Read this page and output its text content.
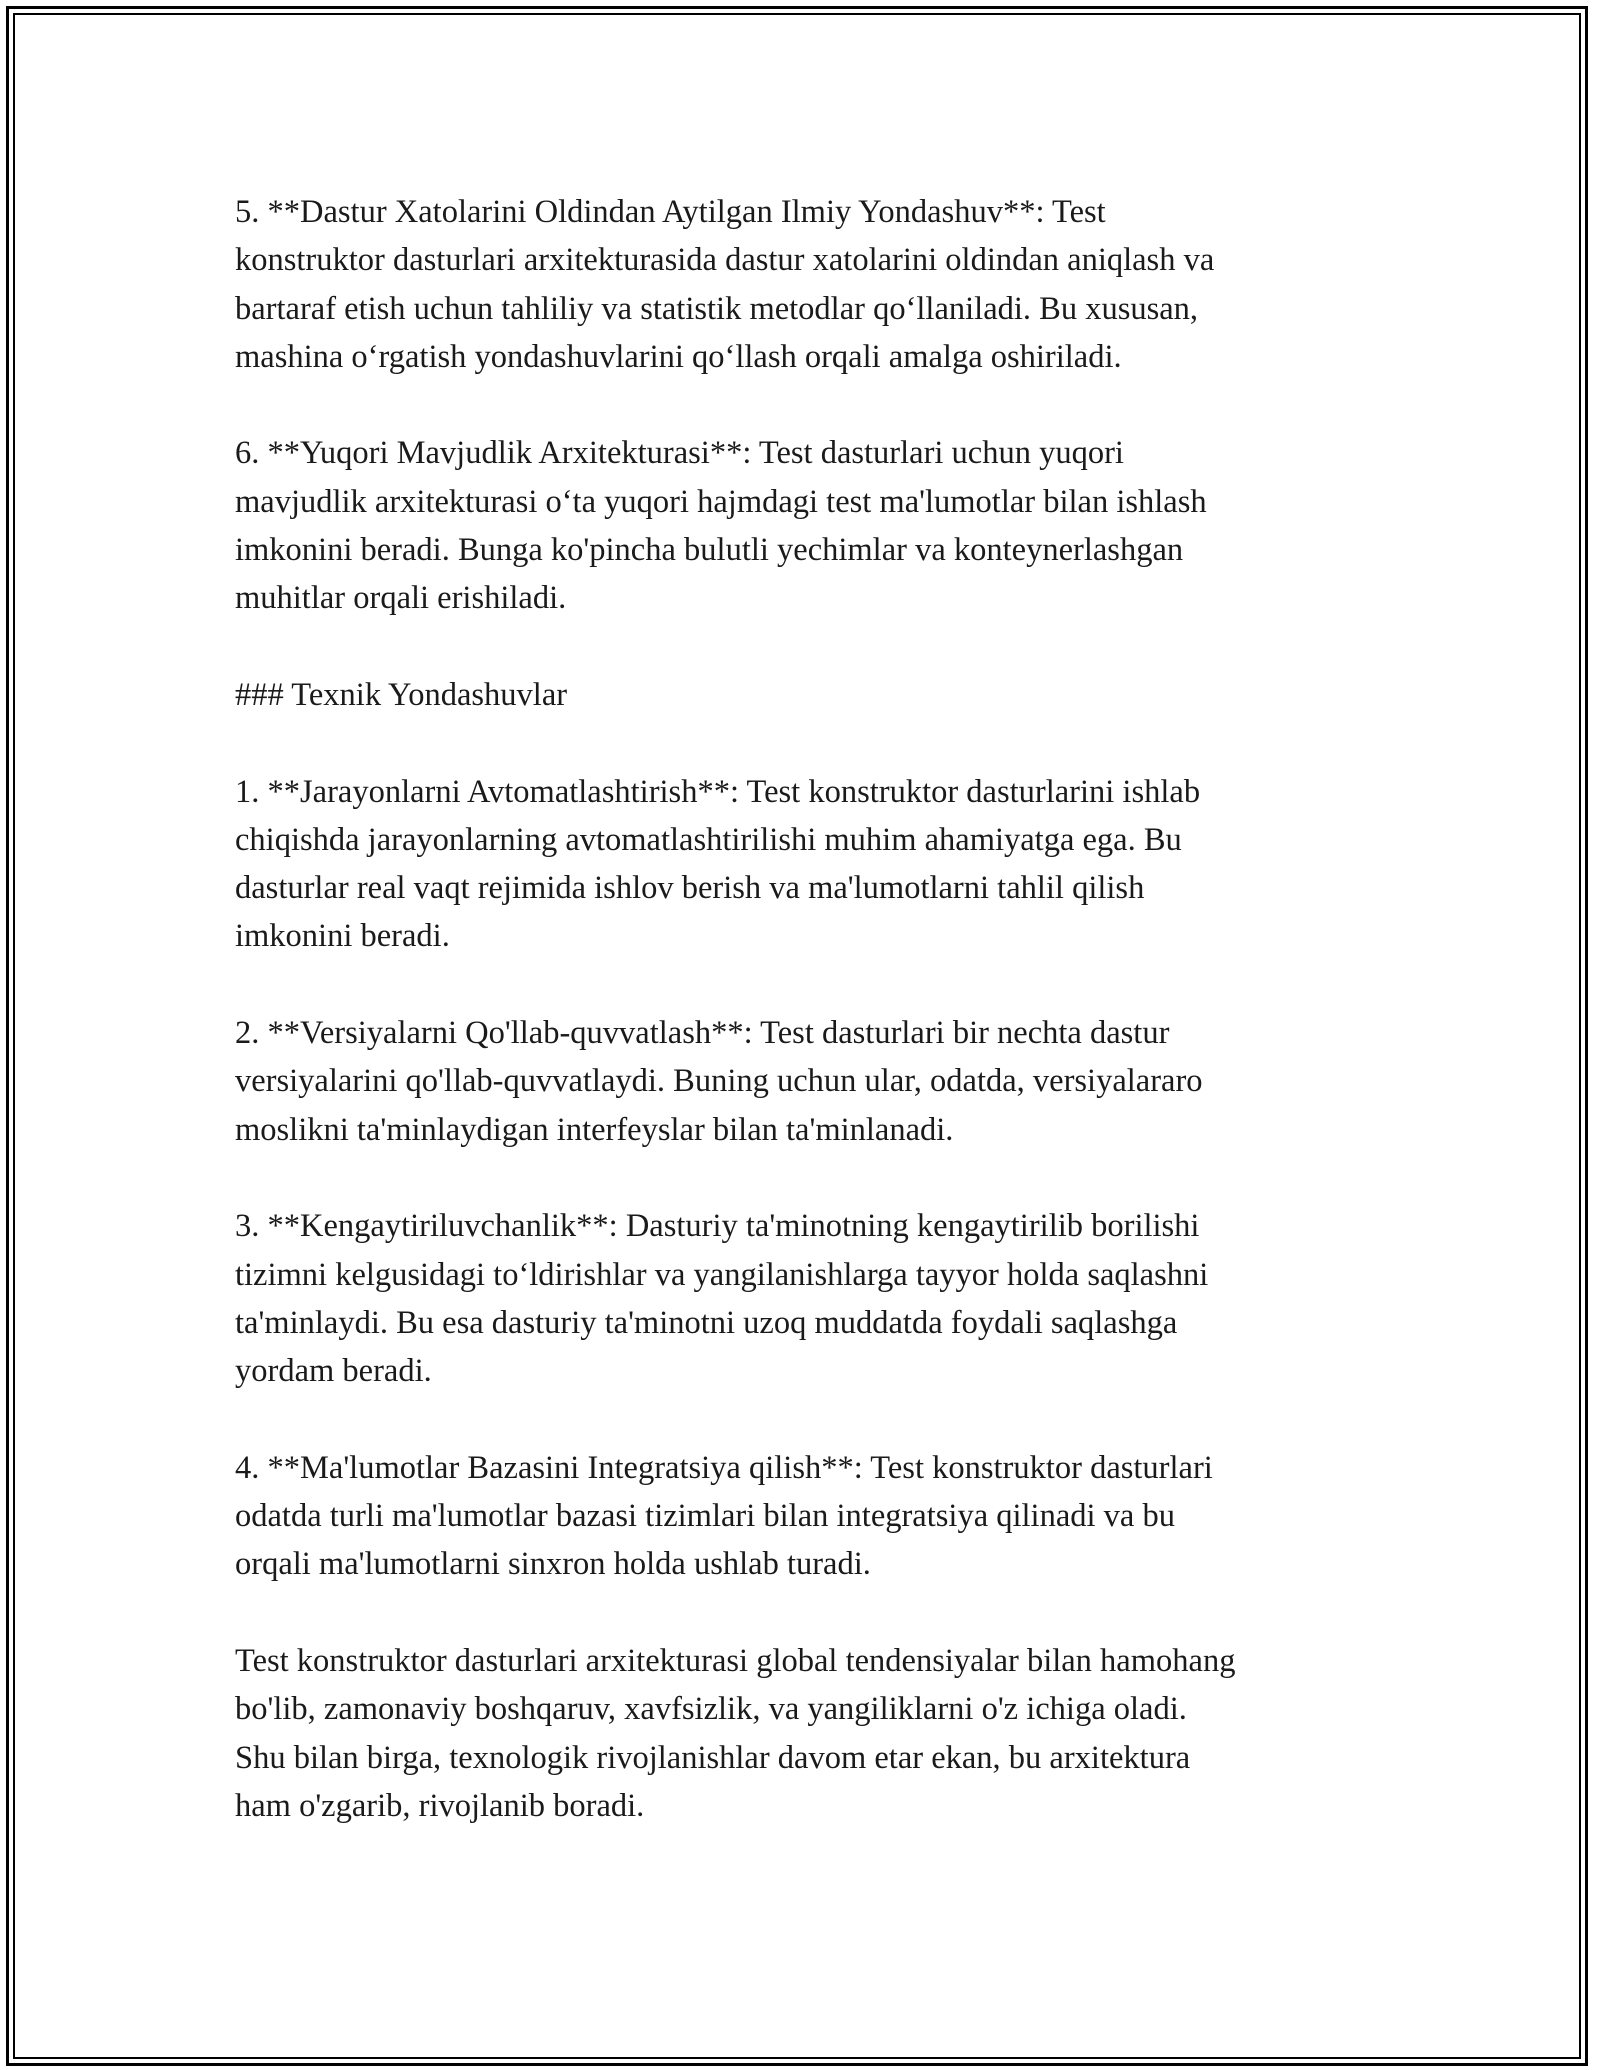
5. **Dastur Xatolarini Oldindan Aytilgan Ilmiy Yondashuv**: Test
konstruktor dasturlari arxitekturasida dastur xatolarini oldindan aniqlash va
bartaraf etish uchun tahliliy va statistik metodlar qo‘llaniladi. Bu xususan,
mashina o‘rgatish yondashuvlarini qo‘llash orqali amalga oshiriladi.

6. **Yuqori Mavjudlik Arxitekturasi**: Test dasturlari uchun yuqori
mavjudlik arxitekturasi o‘ta yuqori hajmdagi test ma'lumotlar bilan ishlash
imkonini beradi. Bunga ko'pincha bulutli yechimlar va konteynerlashgan
muhitlar orqali erishiladi.

### Texnik Yondashuvlar

1. **Jarayonlarni Avtomatlashtirish**: Test konstruktor dasturlarini ishlab
chiqishda jarayonlarning avtomatlashtirilishi muhim ahamiyatga ega. Bu
dasturlar real vaqt rejimida ishlov berish va ma'lumotlarni tahlil qilish
imkonini beradi.

2. **Versiyalarni Qo'llab-quvvatlash**: Test dasturlari bir nechta dastur
versiyalarini qo'llab-quvvatlaydi. Buning uchun ular, odatda, versiyalararo
moslikni ta'minlaydigan interfeyslar bilan ta'minlanadi.

3. **Kengaytiriluvchanlik**: Dasturiy ta'minotning kengaytirilib borilishi
tizimni kelgusidagi to‘ldirishlar va yangilanishlarga tayyor holda saqlashni
ta'minlaydi. Bu esa dasturiy ta'minotni uzoq muddatda foydali saqlashga
yordam beradi.

4. **Ma'lumotlar Bazasini Integratsiya qilish**: Test konstruktor dasturlari
odatda turli ma'lumotlar bazasi tizimlari bilan integratsiya qilinadi va bu
orqali ma'lumotlarni sinxron holda ushlab turadi.

Test konstruktor dasturlari arxitekturasi global tendensiyalar bilan hamohang
bo'lib, zamonaviy boshqaruv, xavfsizlik, va yangiliklarni o'z ichiga oladi.
Shu bilan birga, texnologik rivojlanishlar davom etar ekan, bu arxitektura
ham o'zgarib, rivojlanib boradi.
